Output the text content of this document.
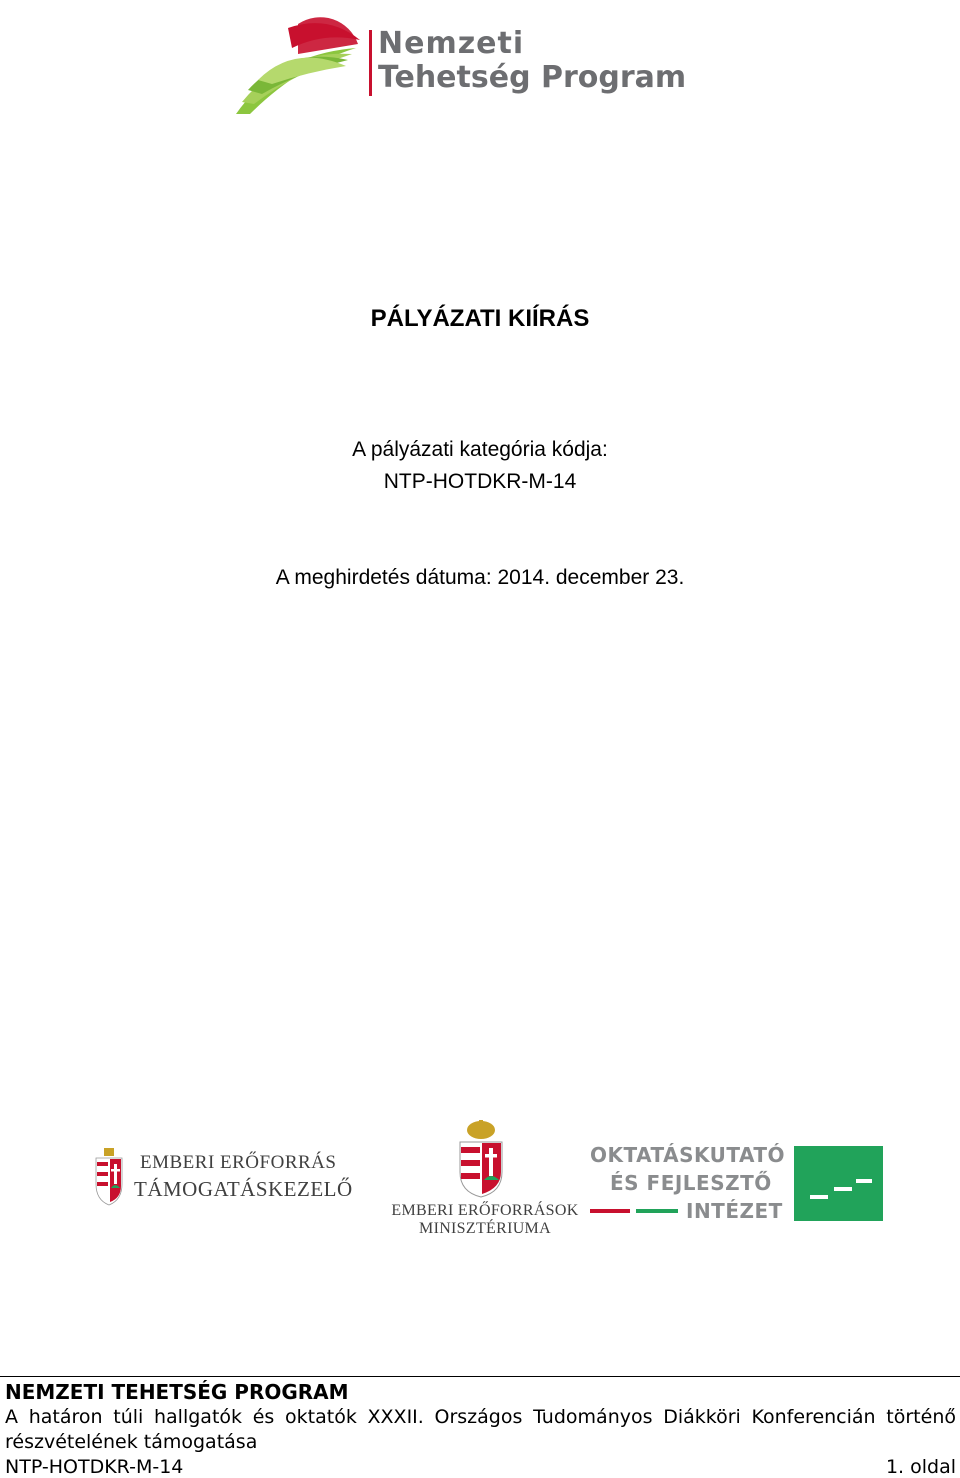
Nemzeti
Tehetség Program
PÁLYÁZATI KIÍRÁS
A pályázati kategória kódja:
NTP-HOTDKR-M-14
A meghirdetés dátuma: 2014. december 23.
EMBERI ERŐFORRÁS
TÁMOGATÁSKEZELŐ
EMBERI ERŐFORRÁSOK
MINISZTÉRIUMA
OKTATÁSKUTATÓ
ÉS FEJLESZTŐ
INTÉZET
NEMZETI TEHETSÉG PROGRAM
A határon túli hallgatók és oktatók XXXII. Országos Tudományos Diákköri Konferencián történő részvételének támogatása
NTP-HOTDKR-M-14	1. oldal
